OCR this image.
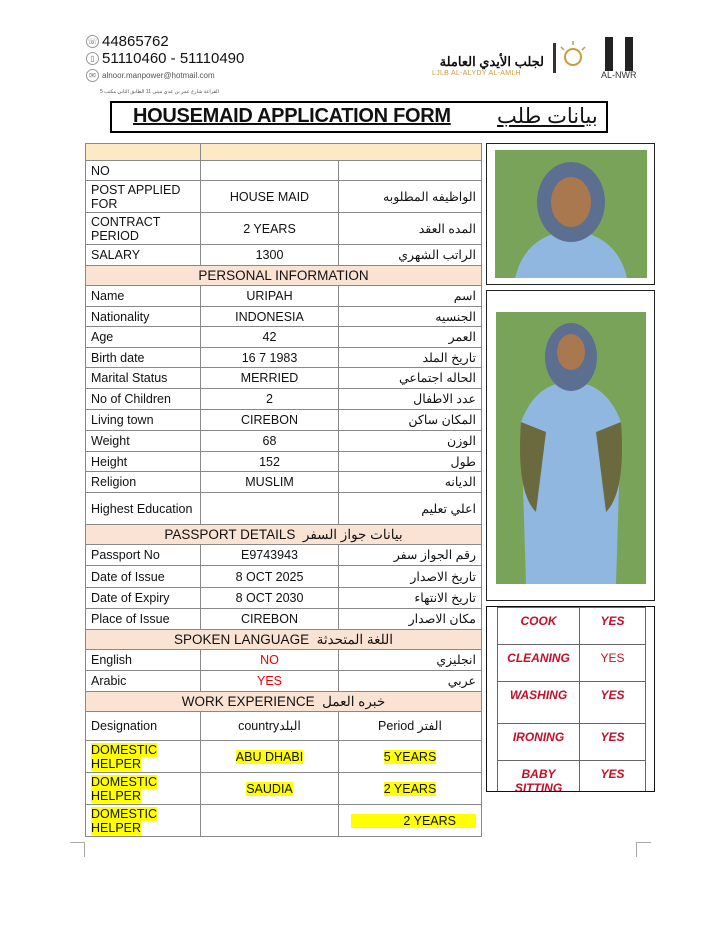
☏ 44865762
▯ 51110460 - 51110490
✉ alnoor.manpower@hotmail.com
القراعة شارع عمر بن عدي مبنى 11 الطابق الثاني مكتب 5
لجلب الأيدي العاملة
LJLB AL-ALYDY AL-AMLH	AL-NWR
HOUSEMAID APPLICATION FORM بيانات طلب

NO		
POST APPLIED FOR	HOUSE MAID	الواظيفه المطلوبه
CONTRACT PERIOD	2 YEARS	المده العقد
SALARY	1300	الراتب الشهري
PERSONAL INFORMATION		
Name	URIPAH	اسم
Nationality	INDONESIA	الجنسيه
Age	42	العمر
Birth date	16 7 1983	تاريخ الملد
Marital Status	MERRIED	الحاله اجتماعي
No of Children	2	عدد الاطفال
Living town	CIREBON	المكان ساكن
Weight	68	الوزن
Height	152	طول
Religion	MUSLIM	الديانه
Highest Education		اعلي تعليم
PASSPORT DETAILS بيانات جواز السفر		
Passport No	E9743943	رقم الجواز سفر
Date of Issue	8 OCT 2025	تاريخ الاصدار
Date of Expiry	8 OCT 2030	تاريخ الانتهاء
Place of Issue	CIREBON	مكان الاصدار
SPOKEN LANGUAGE اللغة المتحدثة		
English	NO	انجليزي
Arabic	YES	عربي
WORK EXPERIENCE خبره العمل		
Designation	countryالبلد	Period الفتر
DOMESTIC HELPER	ABU DHABI	5 YEARS
DOMESTIC HELPER	SAUDIA	2 YEARS
DOMESTIC HELPER		2 YEARS
COOK	YES
CLEANING	YES
WASHING	YES
IRONING	YES
BABY SITTING	YES
